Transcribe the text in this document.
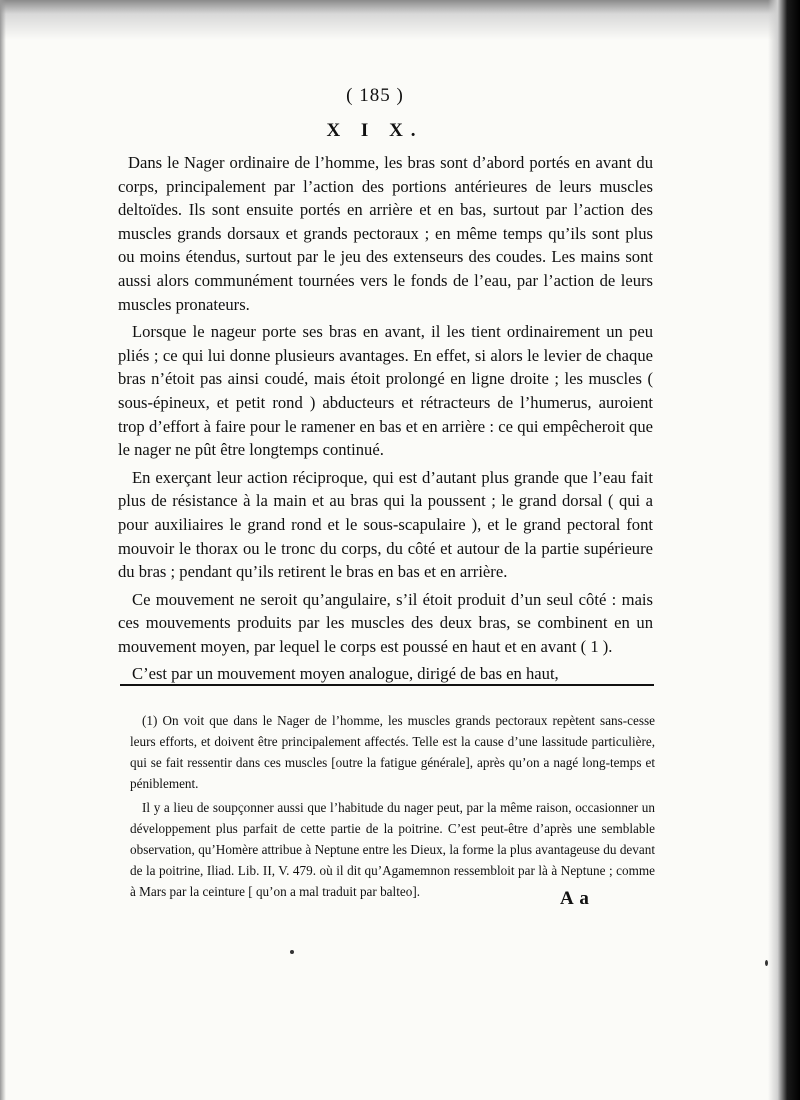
( 185 )
X I X.

Dans le Nager ordinaire de l’homme, les bras sont d’abord portés en avant du corps, principalement par l’action des portions antérieures de leurs muscles deltoïdes. Ils sont ensuite portés en arrière et en bas, surtout par l’action des muscles grands dorsaux et grands pectoraux ; en même temps qu’ils sont plus ou moins étendus, surtout par le jeu des extenseurs des coudes. Les mains sont aussi alors communément tournées vers le fonds de l’eau, par l’action de leurs muscles pronateurs.

Lorsque le nageur porte ses bras en avant, il les tient ordinairement un peu pliés ; ce qui lui donne plusieurs avantages. En effet, si alors le levier de chaque bras n’étoit pas ainsi coudé, mais étoit prolongé en ligne droite ; les muscles ( sous-épineux, et petit rond ) abducteurs et rétracteurs de l’humerus, auroient trop d’effort à faire pour le ramener en bas et en arrière : ce qui empêcheroit que le nager ne pût être longtemps continué.

En exerçant leur action réciproque, qui est d’autant plus grande que l’eau fait plus de résistance à la main et au bras qui la poussent ; le grand dorsal ( qui a pour auxiliaires le grand rond et le sous-scapulaire ), et le grand pectoral font mouvoir le thorax ou le tronc du corps, du côté et autour de la partie supérieure du bras ; pendant qu’ils retirent le bras en bas et en arrière.

Ce mouvement ne seroit qu’angulaire, s’il étoit produit d’un seul côté : mais ces mouvements produits par les muscles des deux bras, se combinent en un mouvement moyen, par lequel le corps est poussé en haut et en avant ( 1 ).

C’est par un mouvement moyen analogue, dirigé de bas en haut,

(1) On voit que dans le Nager de l’homme, les muscles grands pectoraux repètent sans-cesse leurs efforts, et doivent être principalement affectés. Telle est la cause d’une lassitude particulière, qui se fait ressentir dans ces muscles [outre la fatigue générale], après qu’on a nagé long-temps et péniblement.

Il y a lieu de soupçonner aussi que l’habitude du nager peut, par la même raison, occasionner un développement plus parfait de cette partie de la poitrine. C’est peut-être d’après une semblable observation, qu’Homère attribue à Neptune entre les Dieux, la forme la plus avantageuse du devant de la poitrine, Iliad. Lib. II, V. 479. où il dit qu’Agamemnon ressembloit par là à Neptune ; comme à Mars par la ceinture [ qu’on a mal traduit par balteo].	A a
